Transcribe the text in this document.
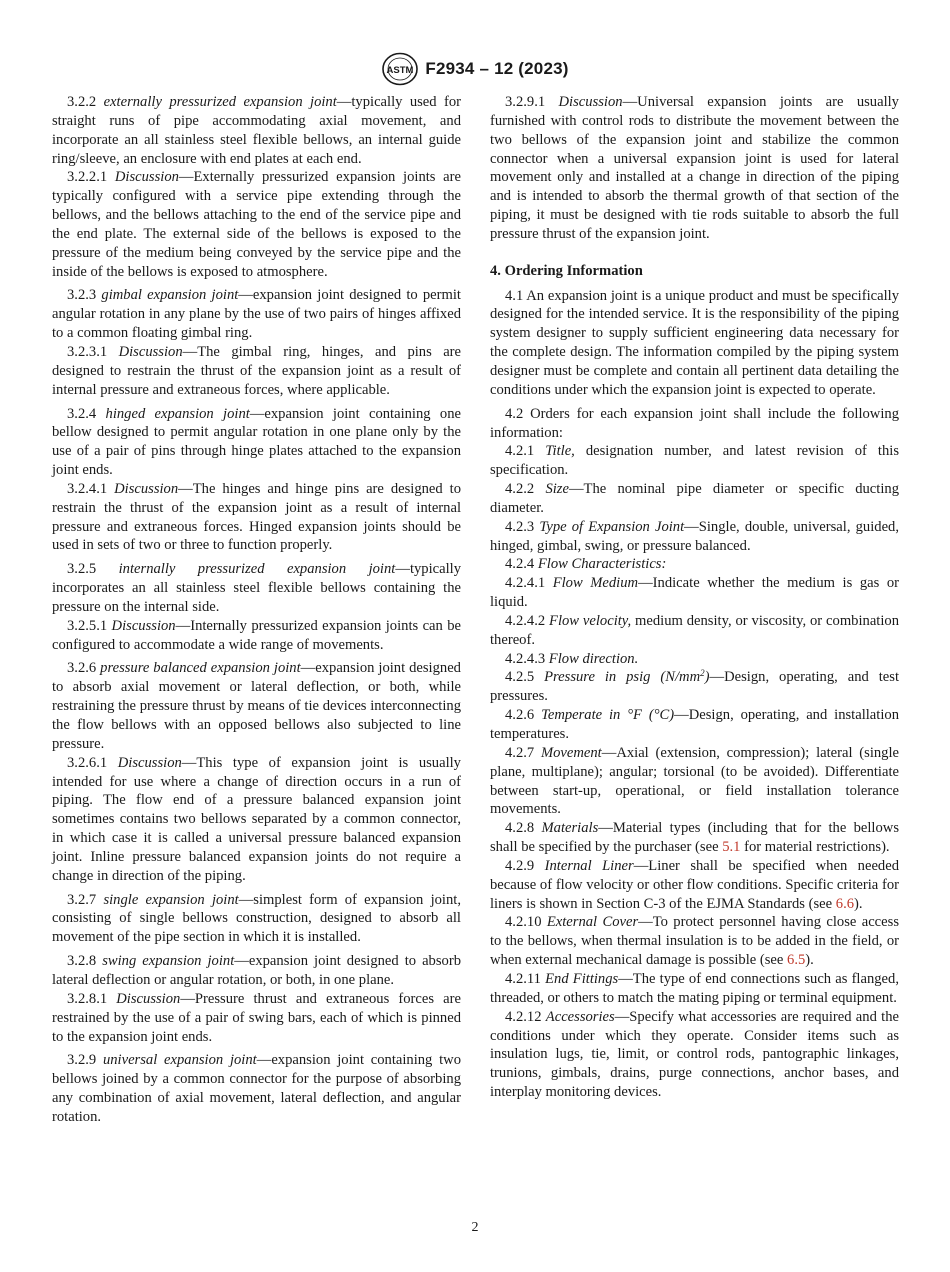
ASTM F2934 – 12 (2023)

3.2.2 externally pressurized expansion joint—typically used for straight runs of pipe accommodating axial movement, and incorporate an all stainless steel flexible bellows, an internal guide ring/sleeve, an enclosure with end plates at each end.

3.2.2.1 Discussion—Externally pressurized expansion joints are typically configured with a service pipe extending through the bellows, and the bellows attaching to the end of the service pipe and the end plate. The external side of the bellows is exposed to the pressure of the medium being conveyed by the service pipe and the inside of the bellows is exposed to atmosphere.

3.2.3 gimbal expansion joint—expansion joint designed to permit angular rotation in any plane by the use of two pairs of hinges affixed to a common floating gimbal ring.

3.2.3.1 Discussion—The gimbal ring, hinges, and pins are designed to restrain the thrust of the expansion joint as a result of internal pressure and extraneous forces, where applicable.

3.2.4 hinged expansion joint—expansion joint containing one bellow designed to permit angular rotation in one plane only by the use of a pair of pins through hinge plates attached to the expansion joint ends.

3.2.4.1 Discussion—The hinges and hinge pins are designed to restrain the thrust of the expansion joint as a result of internal pressure and extraneous forces. Hinged expansion joints should be used in sets of two or three to function properly.

3.2.5 internally pressurized expansion joint—typically incorporates an all stainless steel flexible bellows containing the pressure on the internal side.

3.2.5.1 Discussion—Internally pressurized expansion joints can be configured to accommodate a wide range of movements.

3.2.6 pressure balanced expansion joint—expansion joint designed to absorb axial movement or lateral deflection, or both, while restraining the pressure thrust by means of tie devices interconnecting the flow bellows with an opposed bellows also subjected to line pressure.

3.2.6.1 Discussion—This type of expansion joint is usually intended for use where a change of direction occurs in a run of piping. The flow end of a pressure balanced expansion joint sometimes contains two bellows separated by a common connector, in which case it is called a universal pressure balanced expansion joint. Inline pressure balanced expansion joints do not require a change in direction of the piping.

3.2.7 single expansion joint—simplest form of expansion joint, consisting of single bellows construction, designed to absorb all movement of the pipe section in which it is installed.

3.2.8 swing expansion joint—expansion joint designed to absorb lateral deflection or angular rotation, or both, in one plane.

3.2.8.1 Discussion—Pressure thrust and extraneous forces are restrained by the use of a pair of swing bars, each of which is pinned to the expansion joint ends.

3.2.9 universal expansion joint—expansion joint containing two bellows joined by a common connector for the purpose of absorbing any combination of axial movement, lateral deflection, and angular rotation.

3.2.9.1 Discussion—Universal expansion joints are usually furnished with control rods to distribute the movement between the two bellows of the expansion joint and stabilize the common connector when a universal expansion joint is used for lateral movement only and installed at a change in direction of the piping and is intended to absorb the thermal growth of that section of the piping, it must be designed with tie rods suitable to absorb the full pressure thrust of the expansion joint.

4. Ordering Information

4.1 An expansion joint is a unique product and must be specifically designed for the intended service. It is the responsibility of the piping system designer to supply sufficient engineering data necessary for the complete design. The information compiled by the piping system designer must be complete and contain all pertinent data detailing the conditions under which the expansion joint is expected to operate.

4.2 Orders for each expansion joint shall include the following information:

4.2.1 Title, designation number, and latest revision of this specification.

4.2.2 Size—The nominal pipe diameter or specific ducting diameter.

4.2.3 Type of Expansion Joint—Single, double, universal, guided, hinged, gimbal, swing, or pressure balanced.

4.2.4 Flow Characteristics:

4.2.4.1 Flow Medium—Indicate whether the medium is gas or liquid.

4.2.4.2 Flow velocity, medium density, or viscosity, or combination thereof.

4.2.4.3 Flow direction.

4.2.5 Pressure in psig $(N/mm^2)—Design$, operating, and test pressures.

4.2.6 Temperate in °F (°C)—Design, operating, and installation temperatures.

4.2.7 Movement—Axial (extension, compression); lateral (single plane, multiplane); angular; torsional (to be avoided). Differentiate between start-up, operational, or field installation tolerance movements.

4.2.8 Materials—Material types (including that for the bellows shall be specified by the purchaser (see 5.1 for material restrictions).

4.2.9 Internal Liner—Liner shall be specified when needed because of flow velocity or other flow conditions. Specific criteria for liners is shown in Section C-3 of the EJMA Standards (see 6.6).

4.2.10 External Cover—To protect personnel having close access to the bellows, when thermal insulation is to be added in the field, or when external mechanical damage is possible (see 6.5).

4.2.11 End Fittings—The type of end connections such as flanged, threaded, or others to match the mating piping or terminal equipment.

4.2.12 Accessories—Specify what accessories are required and the conditions under which they operate. Consider items such as insulation lugs, tie, limit, or control rods, pantographic linkages, trunions, gimbals, drains, purge connections, anchor bases, and interplay monitoring devices.

2
